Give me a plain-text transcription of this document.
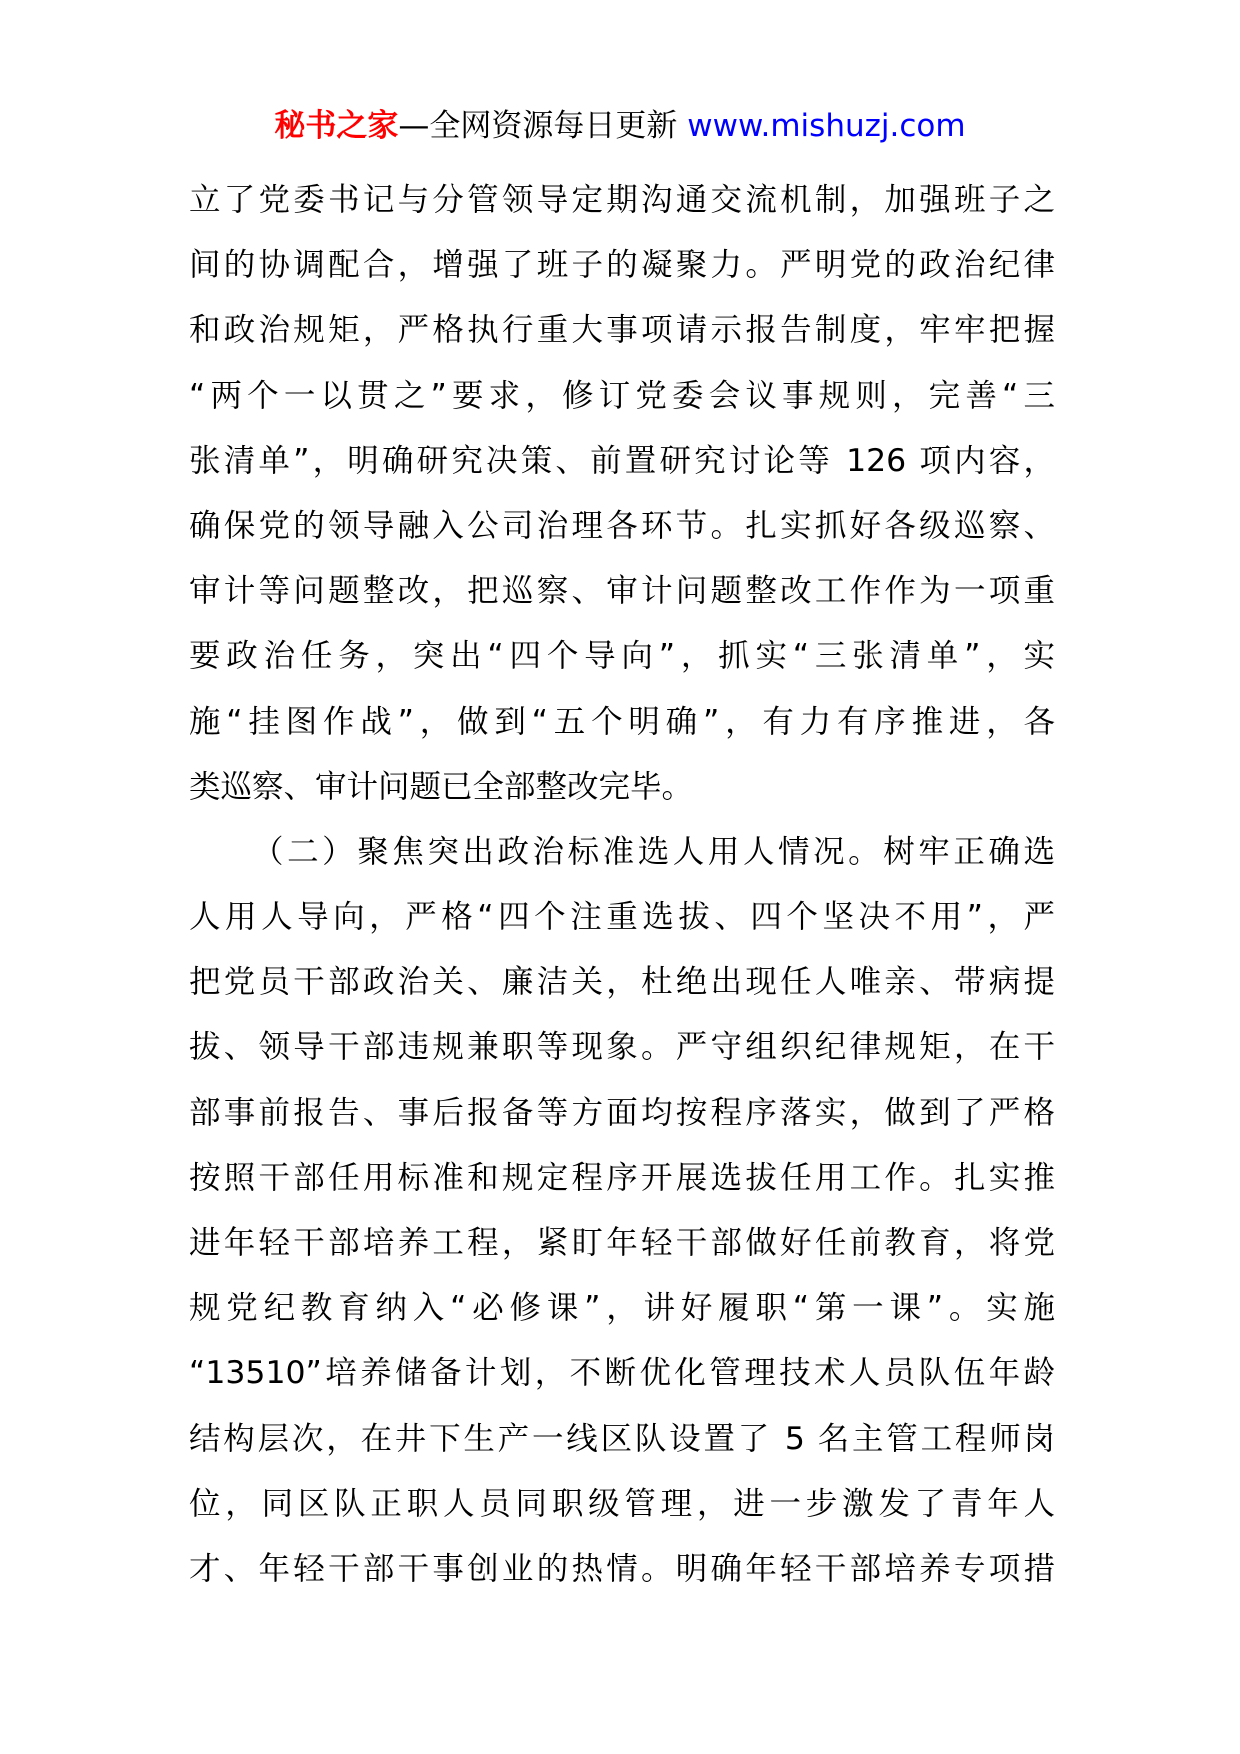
秘书之家—全网资源每日更新 www.mishuzj.com
立了党委书记与分管领导定期沟通交流机制，加强班子之
间的协调配合，增强了班子的凝聚力。严明党的政治纪律
和政治规矩，严格执行重大事项请示报告制度，牢牢把握
“两个一以贯之”要求，修订党委会议事规则，完善“三
张清单”，明确研究决策、前置研究讨论等 126 项内容，
确保党的领导融入公司治理各环节。扎实抓好各级巡察、
审计等问题整改，把巡察、审计问题整改工作作为一项重
要政治任务，突出“四个导向”，抓实“三张清单”，实
施“挂图作战”，做到“五个明确”，有力有序推进，各
类巡察、审计问题已全部整改完毕。
（二）聚焦突出政治标准选人用人情况。树牢正确选
人用人导向，严格“四个注重选拔、四个坚决不用”，严
把党员干部政治关、廉洁关，杜绝出现任人唯亲、带病提
拔、领导干部违规兼职等现象。严守组织纪律规矩，在干
部事前报告、事后报备等方面均按程序落实，做到了严格
按照干部任用标准和规定程序开展选拔任用工作。扎实推
进年轻干部培养工程，紧盯年轻干部做好任前教育，将党
规党纪教育纳入“必修课”，讲好履职“第一课”。实施
“13510”培养储备计划，不断优化管理技术人员队伍年龄
结构层次，在井下生产一线区队设置了 5 名主管工程师岗
位，同区队正职人员同职级管理，进一步激发了青年人
才、年轻干部干事创业的热情。明确年轻干部培养专项措
